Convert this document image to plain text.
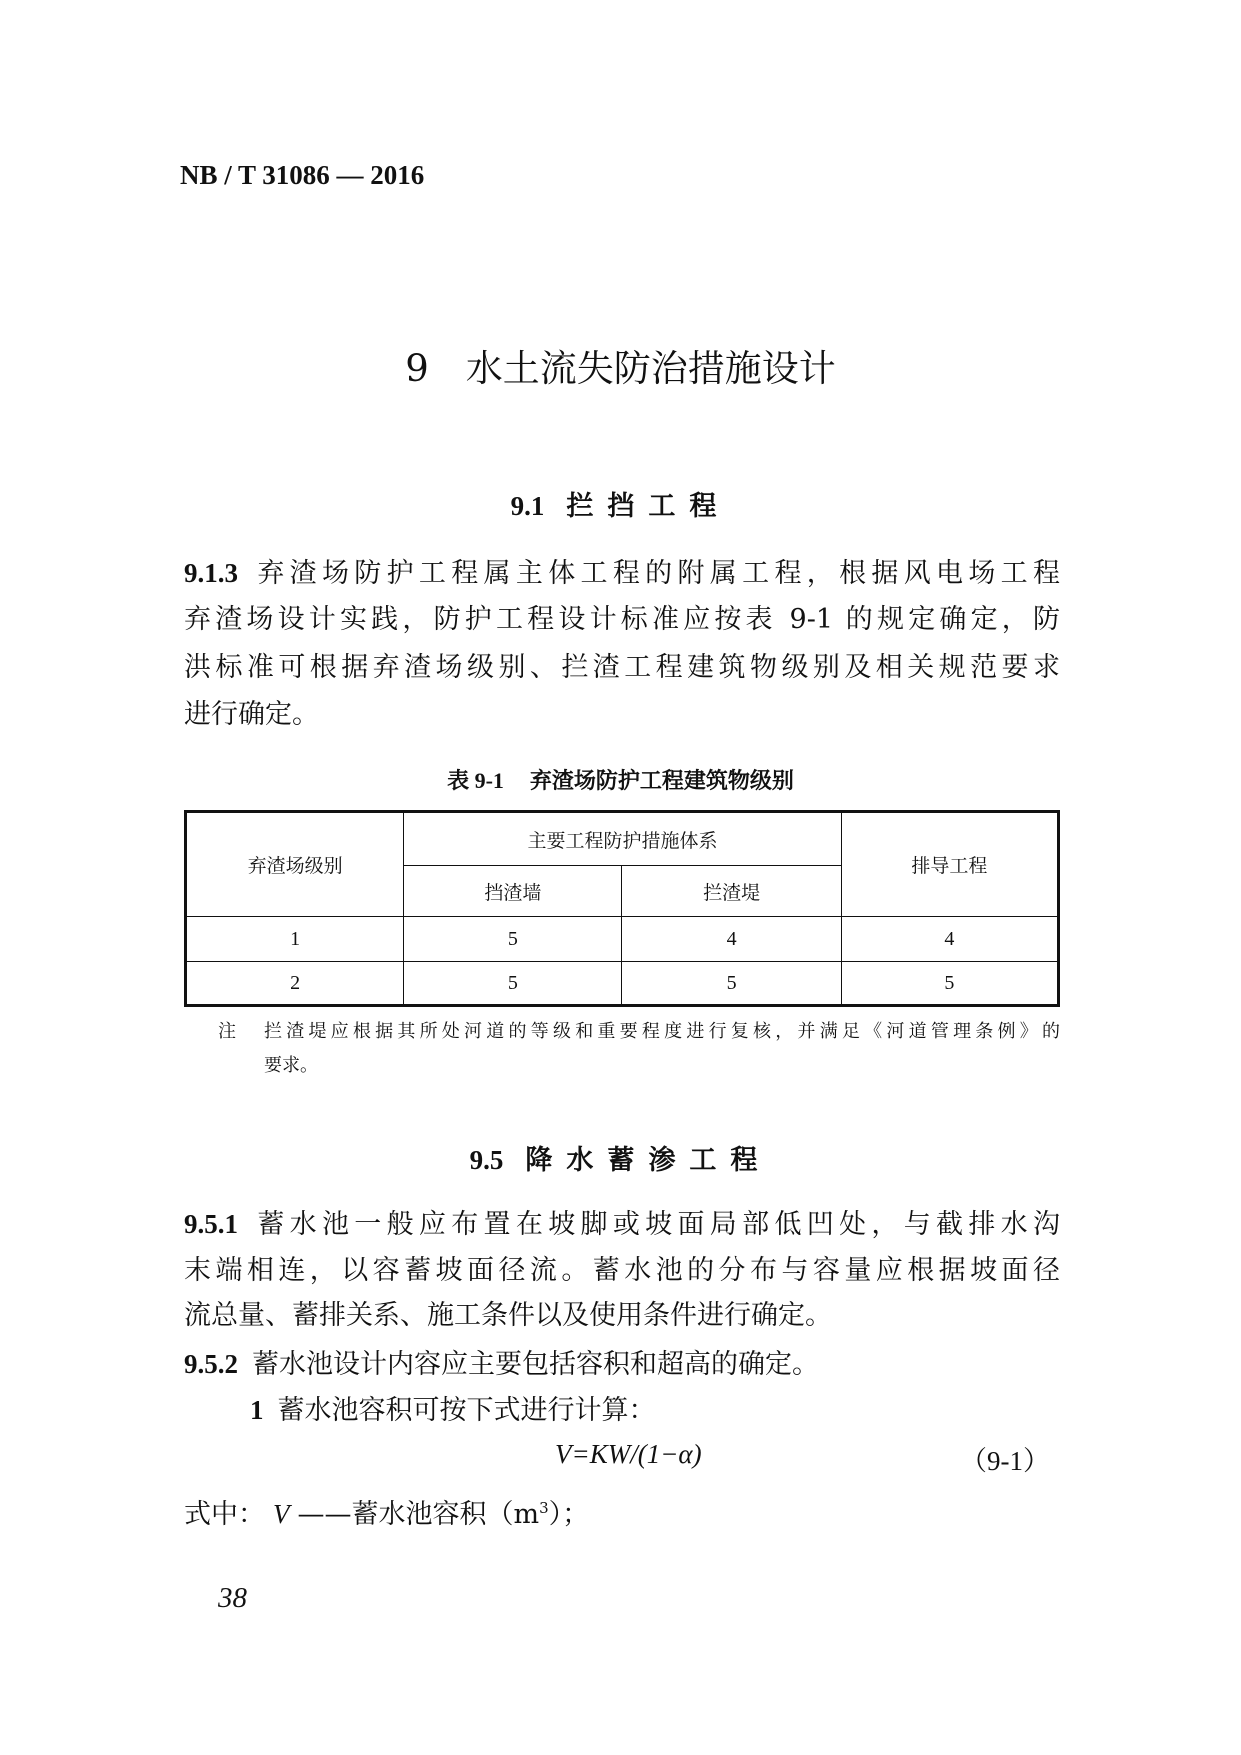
NB / T 31086 — 2016
9　水土流失防治措施设计
9.1 拦挡工程
9.1.3 弃渣场防护工程属主体工程的附属工程，根据风电场工程
弃渣场设计实践，防护工程设计标准应按表 9-1 的规定确定，防
洪标准可根据弃渣场级别、拦渣工程建筑物级别及相关规范要求
进行确定。
表 9-1 弃渣场防护工程建筑物级别
弃渣场级别	主要工程防护措施体系		排导工程
	挡渣墙	拦渣堤	
1	5	4	4
2	5	5	5
注 拦渣堤应根据其所处河道的等级和重要程度进行复核，并满足《河道管理条例》的
要求。
9.5 降水蓄渗工程
9.5.1 蓄水池一般应布置在坡脚或坡面局部低凹处，与截排水沟
末端相连，以容蓄坡面径流。蓄水池的分布与容量应根据坡面径
流总量、蓄排关系、施工条件以及使用条件进行确定。
9.5.2 蓄水池设计内容应主要包括容积和超高的确定。
1 蓄水池容积可按下式进行计算：
V=KW/(1−α)	（9-1）
式中： V ——蓄水池容积$(m^3)$；
38
